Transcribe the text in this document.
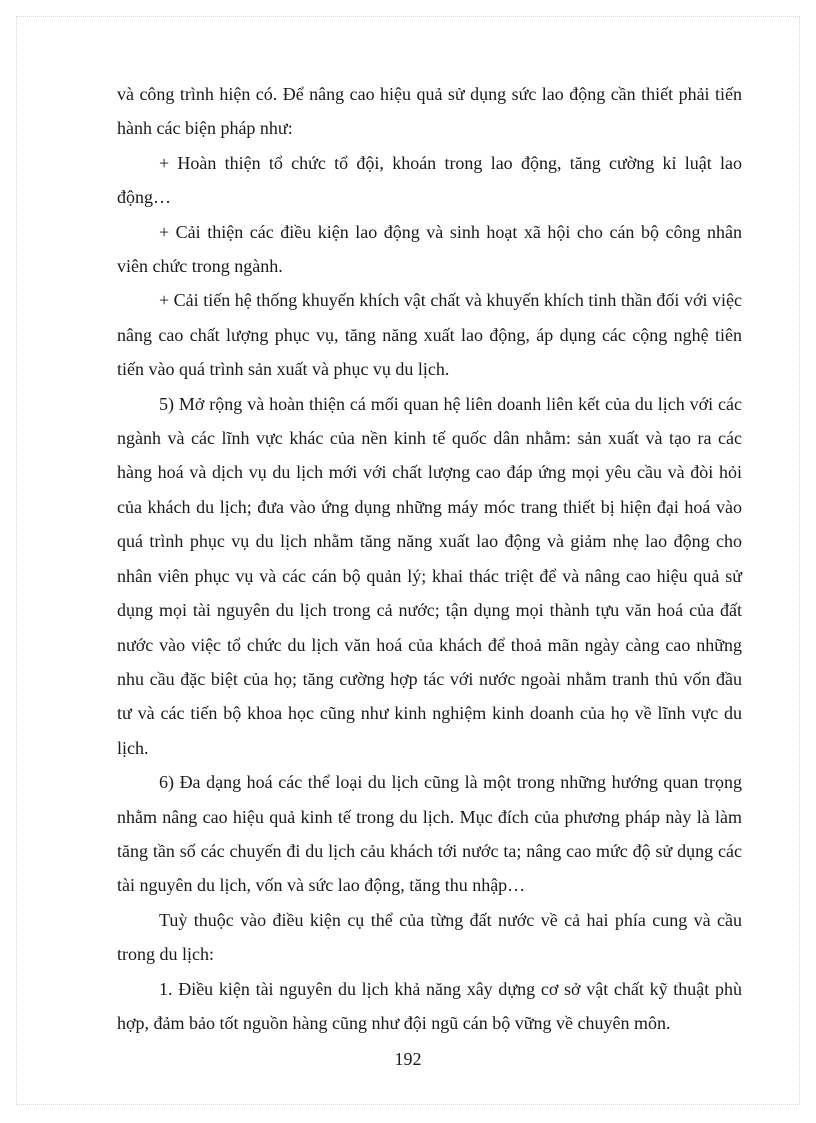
và công trình hiện có. Để nâng cao hiệu quả sử dụng sức lao động cần thiết phải tiến hành các biện pháp như:

+ Hoàn thiện tổ chức tổ đội, khoán trong lao động, tăng cường kỉ luật lao động…

+ Cải thiện các điều kiện lao động và sinh hoạt xã hội cho cán bộ công nhân viên chức trong ngành.

+ Cải tiến hệ thống khuyến khích vật chất và khuyến khích tinh thần đối với việc nâng cao chất lượng phục vụ, tăng năng xuất lao động, áp dụng các cộng nghệ tiên tiến vào quá trình sản xuất và phục vụ du lịch.

5) Mở rộng và hoàn thiện cá mối quan hệ liên doanh liên kết của du lịch với các ngành và các lĩnh vực khác của nền kinh tế quốc dân nhằm: sản xuất và tạo ra các hàng hoá và dịch vụ du lịch mới với chất lượng cao đáp ứng mọi yêu cầu và đòi hỏi của khách du lịch; đưa vào ứng dụng những máy móc trang thiết bị hiện đại hoá vào quá trình phục vụ du lịch nhằm tăng năng xuất lao động và giảm nhẹ lao động cho nhân viên phục vụ và các cán bộ quản lý; khai thác triệt để và nâng cao hiệu quả sử dụng mọi tài nguyên du lịch trong cả nước; tận dụng mọi thành tựu văn hoá của đất nước vào việc tổ chức du lịch văn hoá của khách để thoả mãn ngày càng cao những nhu cầu đặc biệt của họ; tăng cường hợp tác với nước ngoài nhằm tranh thủ vốn đầu tư và các tiến bộ khoa học cũng như kinh nghiệm kinh doanh của họ về lĩnh vực du lịch.

6) Đa dạng hoá các thể loại du lịch cũng là một trong những hướng quan trọng nhằm nâng cao hiệu quả kinh tế trong du lịch. Mục đích của phương pháp này là làm tăng tần số các chuyến đi du lịch cảu khách tới nước ta; nâng cao mức độ sử dụng các tài nguyên du lịch, vốn và sức lao động, tăng thu nhập…

Tuỳ thuộc vào điều kiện cụ thể của từng đất nước về cả hai phía cung và cầu trong du lịch:

1. Điều kiện tài nguyên du lịch khả năng xây dựng cơ sở vật chất kỹ thuật phù hợp, đảm bảo tốt nguồn hàng cũng như đội ngũ cán bộ vững về chuyên môn.

192
